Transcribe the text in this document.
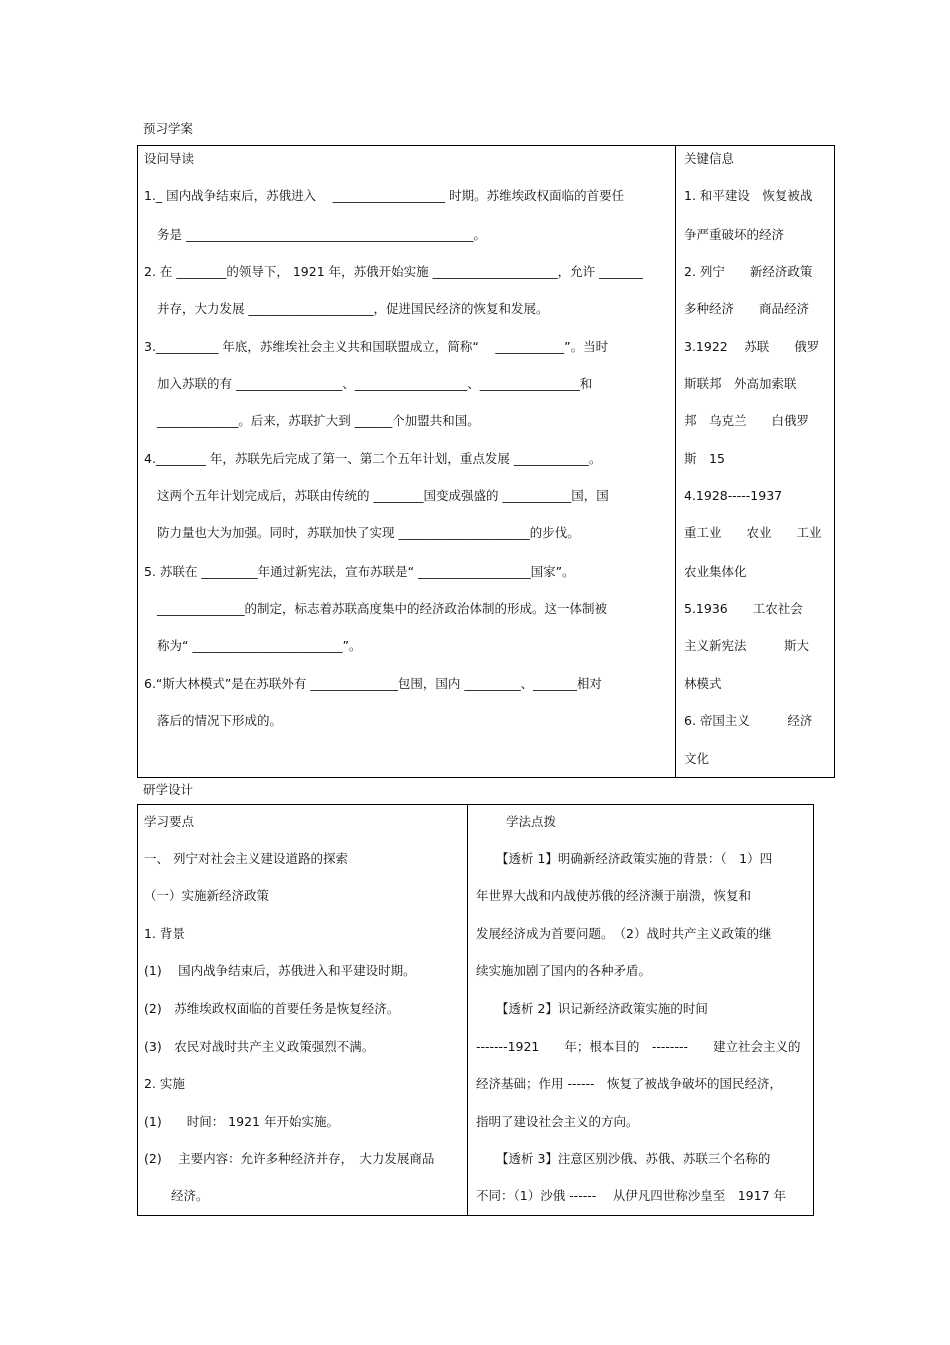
预习学案
设问导读	关键信息
1._ 国内战争结束后，苏俄进入　 __________________ 时期。苏维埃政权面临的首要任
务是 ______________________________________________。
2. 在 ________的领导下， 1921 年，苏俄开始实施 ____________________，允许 _______
并存，大力发展 ____________________，促进国民经济的恢复和发展。
3.__________ 年底，苏维埃社会主义共和国联盟成立，简称“　 ___________”。当时
加入苏联的有 _________________、__________________、________________和
_____________。后来，苏联扩大到 ______个加盟共和国。
4.________ 年，苏联先后完成了第一、第二个五年计划，重点发展 ____________。
这两个五年计划完成后，苏联由传统的 ________国变成强盛的 ___________国，国
防力量也大为加强。同时，苏联加快了实现 _____________________的步伐。
5. 苏联在 _________年通过新宪法，宣布苏联是“ __________________国家”。
______________的制定，标志着苏联高度集中的经济政治体制的形成。这一体制被
称为“ ________________________”。
6.“斯大林模式”是在苏联外有 ______________包围，国内 _________、_______相对
落后的情况下形成的。
1. 和平建设　恢复被战
争严重破坏的经济
2. 列宁　　新经济政策
多种经济　　商品经济
3.1922　 苏联　　俄罗
斯联邦　外高加索联
邦　乌克兰　　白俄罗
斯　15
4.1928-----1937
重工业　　农业　　工业
农业集体化
5.1936　　工农社会
主义新宪法　　　斯大
林模式
6. 帝国主义　　　经济
文化
研学设计
学习要点	学法点拨
一、 列宁对社会主义建设道路的探索
（一）实施新经济政策
1. 背景
(1)　 国内战争结束后，苏俄进入和平建设时期。
(2)　苏维埃政权面临的首要任务是恢复经济。
(3)　农民对战时共产主义政策强烈不满。
2. 实施
(1)　　时间： 1921 年开始实施。
(2)　 主要内容：允许多种经济并存，　大力发展商品
经济。
【透析 1】明确新经济政策实施的背景：（　1）四
年世界大战和内战使苏俄的经济濒于崩溃，恢复和
发展经济成为首要问题。　（2）战时共产主义政策的继
续实施加剧了国内的各种矛盾。
【透析 2】识记新经济政策实施的时间
-------1921　　年；根本目的　--------　　建立社会主义的
经济基础；作用 ------　恢复了被战争破坏的国民经济，
指明了建设社会主义的方向。
【透析 3】注意区别沙俄、苏俄、苏联三个名称的
不同：（1）沙俄 ------　 从伊凡四世称沙皇至　1917 年
